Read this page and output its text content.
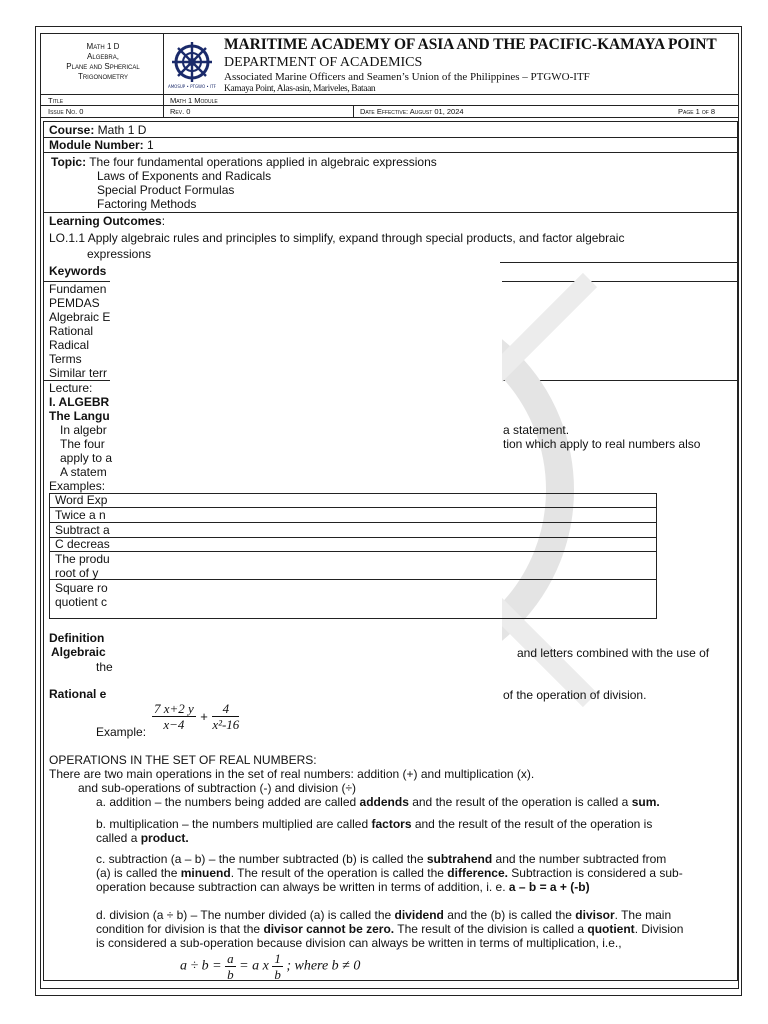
Math 1 D
Algebra,
Plane and Spherical
Trigonometry
AMOSUP • PTGWO • ITF
MARITIME ACADEMY OF ASIA AND THE PACIFIC-KAMAYA POINT
DEPARTMENT OF ACADEMICS
Associated Marine Officers and Seamen’s Union of the Philippines – PTGWO-ITF
Kamaya Point, Alas-asin, Mariveles, Bataan
Title	Math 1 Module
Issue No. 0	Rev. 0	Date Effective: August 01, 2024	Page 1 of 8
Course: Math 1 D
Module Number: 1
Topic: The four fundamental operations applied in algebraic expressions
Laws of Exponents and Radicals
Special Product Formulas
Factoring Methods
Learning Outcomes:
LO.1.1 Apply algebraic rules and principles to simplify, expand through special products, and factor algebraic
expressions
Keywords
Fundamen
PEMDAS
Algebraic E
Rational
Radical
Terms
Similar terr
Lecture:
I. ALGEBR
The Langu
In algebr	a statement.
The four	tion which apply to real numbers also
apply to a
A statem
Examples:
Word Exp
Twice a n
Subtract a
C decreas
The produ
root of y
Square ro
quotient c
Definition
Algebraic	and letters combined with the use of
the
Rational e	of the operation of division.
Example: $\frac{7 x+2 y}{x-4} + \frac{4}{\text{x²-16}}$
OPERATIONS IN THE SET OF REAL NUMBERS:
There are two main operations in the set of real numbers: addition (+) and multiplication (x).
and sub-operations of subtraction (-) and division (÷)
a. addition – the numbers being added are called addends and the result of the operation is called a sum.
b. multiplication – the numbers multiplied are called factors and the result of the result of the operation is
called a product.
c. subtraction (a – b) – the number subtracted (b) is called the subtrahend and the number subtracted from
(a) is called the minuend. The result of the operation is called the difference. Subtraction is considered a sub-
operation because subtraction can always be written in terms of addition, i. e. a – b = a + (-b)
d. division (a ÷ b) – The number divided (a) is called the dividend and the (b) is called the divisor. The main
condition for division is that the divisor cannot be zero. The result of the division is called a quotient. Division
is considered a sub-operation because division can always be written in terms of multiplication, i.e.,
$a \div b = \frac{a}{b} = a$ x $\frac{1}{b}$ ; where b ≠ 0
